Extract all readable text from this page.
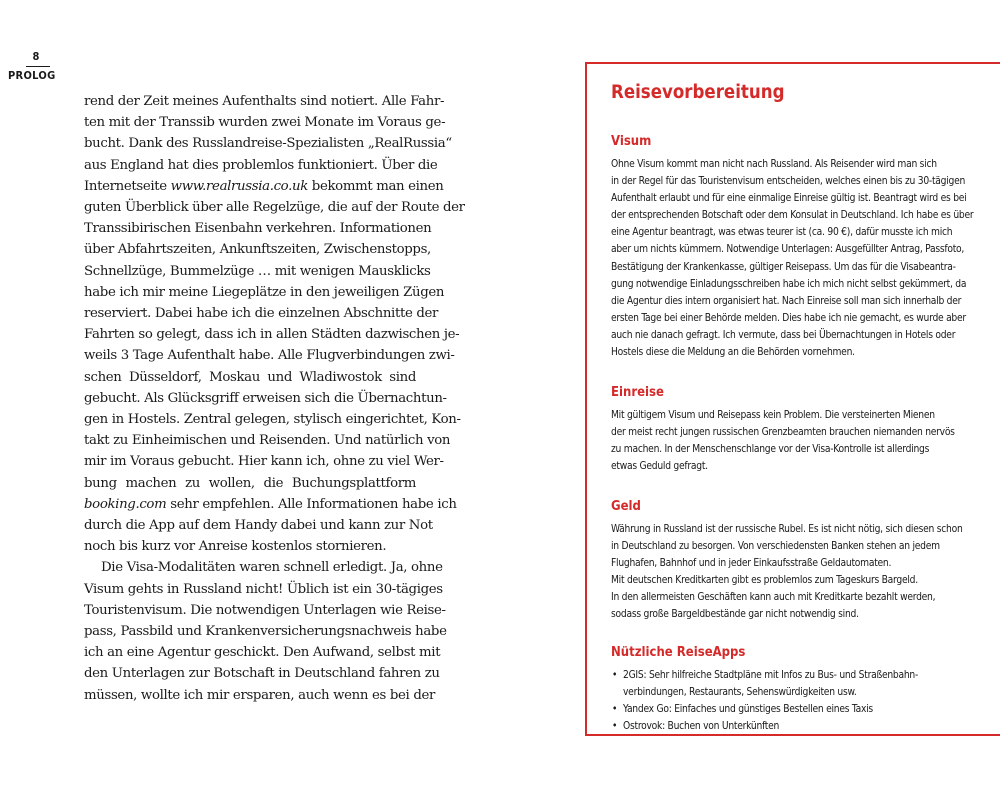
8
PROLOG
rend der Zeit meines Aufenthalts sind notiert. Alle Fahr-
ten mit der Transsib wurden zwei Monate im Voraus ge-
bucht. Dank des Russlandreise-Spezialisten „RealRussia“
aus England hat dies problemlos funktioniert. Über die
Internetseite www.realrussia.co.uk bekommt man einen
guten Überblick über alle Regelzüge, die auf der Route der
Transsibirischen Eisenbahn verkehren. Informationen
über Abfahrtszeiten, Ankunftszeiten, Zwischenstopps,
Schnellzüge, Bummelzüge … mit wenigen Mausklicks
habe ich mir meine Liegeplätze in den jeweiligen Zügen
reserviert. Dabei habe ich die einzelnen Abschnitte der
Fahrten so gelegt, dass ich in allen Städten dazwischen je-
weils 3 Tage Aufenthalt habe. Alle Flugverbindungen zwi-
schen Düsseldorf, Moskau und Wladiwostok sind
gebucht. Als Glücksgriff erweisen sich die Übernachtun-
gen in Hostels. Zentral gelegen, stylisch eingerichtet, Kon-
takt zu Einheimischen und Reisenden. Und natürlich von
mir im Voraus gebucht. Hier kann ich, ohne zu viel Wer-
bung machen zu wollen, die Buchungsplattform
booking.com sehr empfehlen. Alle Informationen habe ich
durch die App auf dem Handy dabei und kann zur Not
noch bis kurz vor Anreise kostenlos stornieren.
Die Visa-Modalitäten waren schnell erledigt. Ja, ohne
Visum gehts in Russland nicht! Üblich ist ein 30-tägiges
Touristenvisum. Die notwendigen Unterlagen wie Reise-
pass, Passbild und Krankenversicherungsnachweis habe
ich an eine Agentur geschickt. Den Aufwand, selbst mit
den Unterlagen zur Botschaft in Deutschland fahren zu
müssen, wollte ich mir ersparen, auch wenn es bei der
Reisevorbereitung
Visum

Ohne Visum kommt man nicht nach Russland. Als Reisender wird man sich
in der Regel für das Touristenvisum entscheiden, welches einen bis zu 30-tägigen
Aufenthalt erlaubt und für eine einmalige Einreise gültig ist. Beantragt wird es bei
der entsprechenden Botschaft oder dem Konsulat in Deutschland. Ich habe es über
eine Agentur beantragt, was etwas teurer ist (ca. 90 €), dafür musste ich mich
aber um nichts kümmern. Notwendige Unterlagen: Ausgefüllter Antrag, Passfoto,
Bestätigung der Krankenkasse, gültiger Reisepass. Um das für die Visabeantra-
gung notwendige Einladungsschreiben habe ich mich nicht selbst gekümmert, da
die Agentur dies intern organisiert hat. Nach Einreise soll man sich innerhalb der
ersten Tage bei einer Behörde melden. Dies habe ich nie gemacht, es wurde aber
auch nie danach gefragt. Ich vermute, dass bei Übernachtungen in Hotels oder
Hostels diese die Meldung an die Behörden vornehmen.

Einreise

Mit gültigem Visum und Reisepass kein Problem. Die versteinerten Mienen
der meist recht jungen russischen Grenzbeamten brauchen niemanden nervös
zu machen. In der Menschenschlange vor der Visa-Kontrolle ist allerdings
etwas Geduld gefragt.

Geld

Währung in Russland ist der russische Rubel. Es ist nicht nötig, sich diesen schon
in Deutschland zu besorgen. Von verschiedensten Banken stehen an jedem
Flughafen, Bahnhof und in jeder Einkaufsstraße Geldautomaten.
Mit deutschen Kreditkarten gibt es problemlos zum Tageskurs Bargeld.
In den allermeisten Geschäften kann auch mit Kreditkarte bezahlt werden,
sodass große Bargeldbestände gar nicht notwendig sind.

Nützliche ReiseApps
• 2GIS: Sehr hilfreiche Stadtpläne mit Infos zu Bus- und Straßenbahn-
verbindungen, Restaurants, Sehenswürdigkeiten usw.
• Yandex Go: Einfaches und günstiges Bestellen eines Taxis
• Ostrovok: Buchen von Unterkünften
